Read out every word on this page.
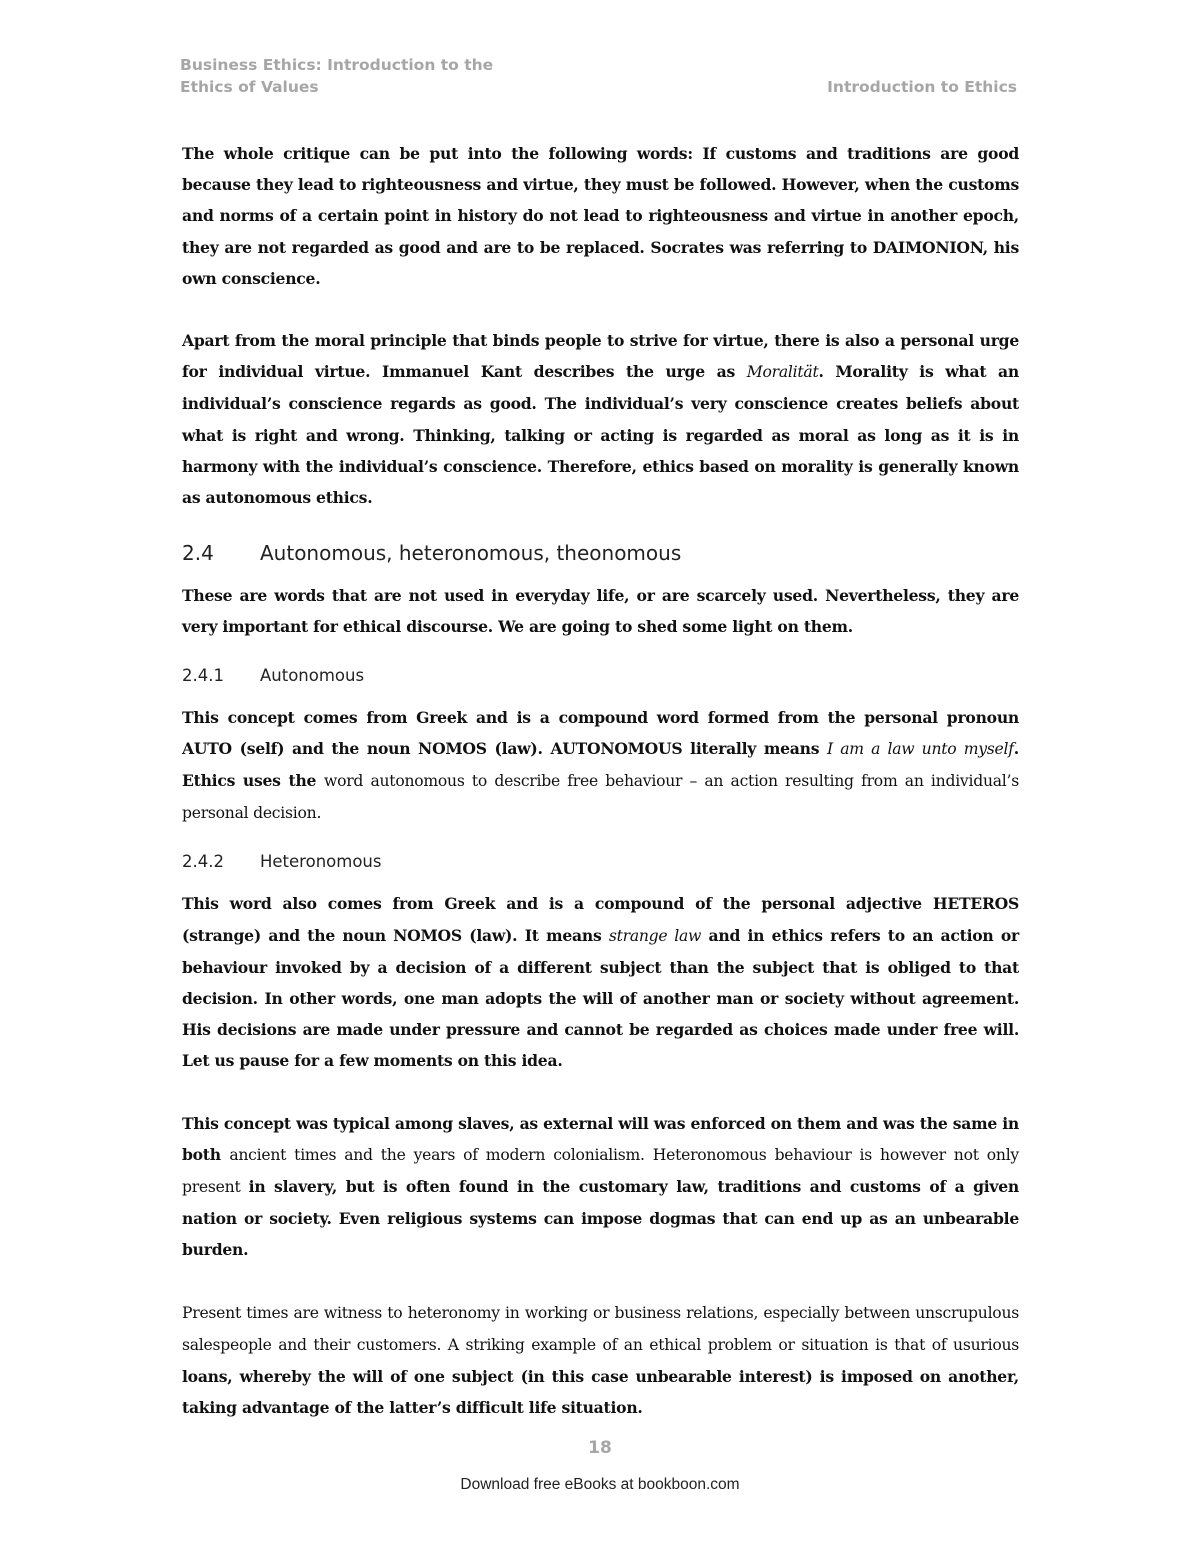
Business Ethics: Introduction to the
Ethics of Values	Introduction to Ethics

The whole critique can be put into the following words: If customs and traditions are good because they lead to righteousness and virtue, they must be followed. However, when the customs and norms of a certain point in history do not lead to righteousness and virtue in another epoch, they are not regarded as good and are to be replaced. Socrates was referring to DAIMONION, his own conscience.

Apart from the moral principle that binds people to strive for virtue, there is also a personal urge for individual virtue. Immanuel Kant describes the urge as Moralität. Morality is what an individual’s conscience regards as good. The individual’s very conscience creates beliefs about what is right and wrong. Thinking, talking or acting is regarded as moral as long as it is in harmony with the individual’s conscience. Therefore, ethics based on morality is generally known as autonomous ethics.

2.4 Autonomous, heteronomous, theonomous

These are words that are not used in everyday life, or are scarcely used. Nevertheless, they are very important for ethical discourse. We are going to shed some light on them.

2.4.1 Autonomous

This concept comes from Greek and is a compound word formed from the personal pronoun AUTO (self) and the noun NOMOS (law). AUTONOMOUS literally means I am a law unto myself. Ethics uses the word autonomous to describe free behaviour – an action resulting from an individual’s personal decision.

2.4.2 Heteronomous

This word also comes from Greek and is a compound of the personal adjective HETEROS (strange) and the noun NOMOS (law). It means strange law and in ethics refers to an action or behaviour invoked by a decision of a different subject than the subject that is obliged to that decision. In other words, one man adopts the will of another man or society without agreement. His decisions are made under pressure and cannot be regarded as choices made under free will. Let us pause for a few moments on this idea.

This concept was typical among slaves, as external will was enforced on them and was the same in both ancient times and the years of modern colonialism. Heteronomous behaviour is however not only present in slavery, but is often found in the customary law, traditions and customs of a given nation or society. Even religious systems can impose dogmas that can end up as an unbearable burden.

Present times are witness to heteronomy in working or business relations, especially between unscrupulous salespeople and their customers. A striking example of an ethical problem or situation is that of usurious loans, whereby the will of one subject (in this case unbearable interest) is imposed on another, taking advantage of the latter’s difficult life situation.

18
Download free eBooks at bookboon.com
